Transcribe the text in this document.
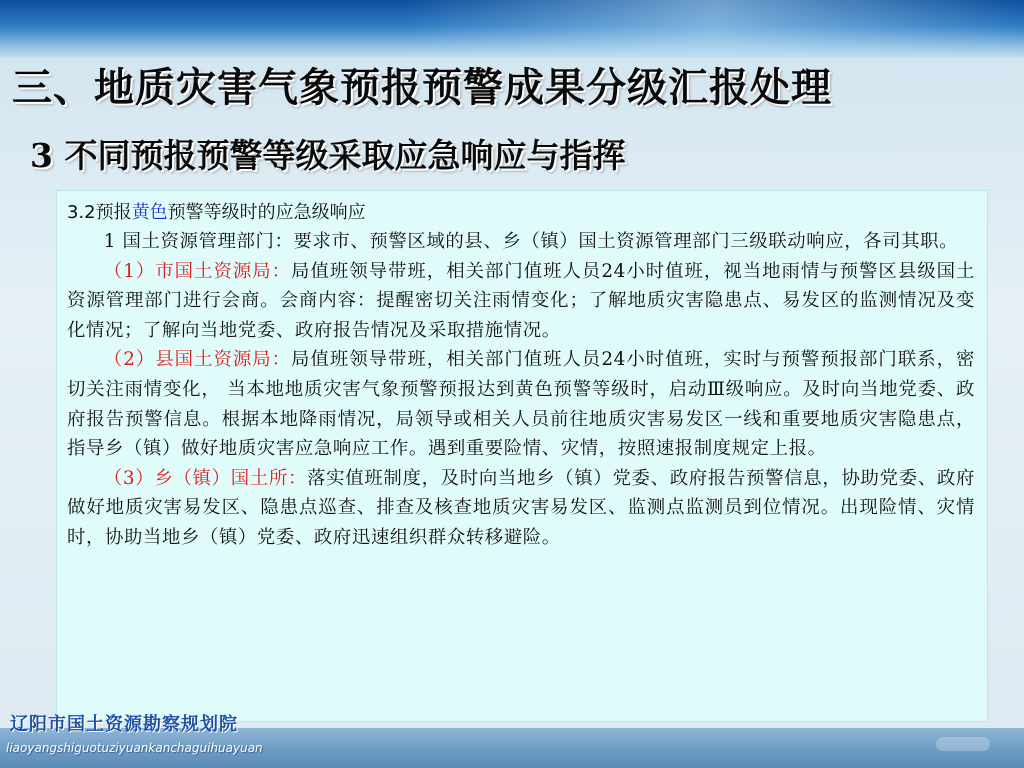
三、地质灾害气象预报预警成果分级汇报处理
3 不同预报预警等级采取应急响应与指挥
3.2预报黄色预警等级时的应急级响应

1 国土资源管理部门：要求市、预警区域的县、乡（镇）国土资源管理部门三级联动响应，各司其职。

（1）市国土资源局：局值班领导带班，相关部门值班人员24小时值班，视当地雨情与预警区县级国土资源管理部门进行会商。会商内容：提醒密切关注雨情变化；了解地质灾害隐患点、易发区的监测情况及变化情况；了解向当地党委、政府报告情况及采取措施情况。

（2）县国土资源局：局值班领导带班，相关部门值班人员24小时值班，实时与预警预报部门联系，密切关注雨情变化， 当本地地质灾害气象预警预报达到黄色预警等级时，启动Ⅲ级响应。及时向当地党委、政府报告预警信息。根据本地降雨情况，局领导或相关人员前往地质灾害易发区一线和重要地质灾害隐患点，指导乡（镇）做好地质灾害应急响应工作。遇到重要险情、灾情，按照速报制度规定上报。

（3）乡（镇）国土所：落实值班制度，及时向当地乡（镇）党委、政府报告预警信息，协助党委、政府做好地质灾害易发区、隐患点巡查、排查及核查地质灾害易发区、监测点监测员到位情况。出现险情、灾情时，协助当地乡（镇）党委、政府迅速组织群众转移避险。

辽阳市国土资源勘察规划院
liaoyangshiguotuziyuankanchaguihuayuan
